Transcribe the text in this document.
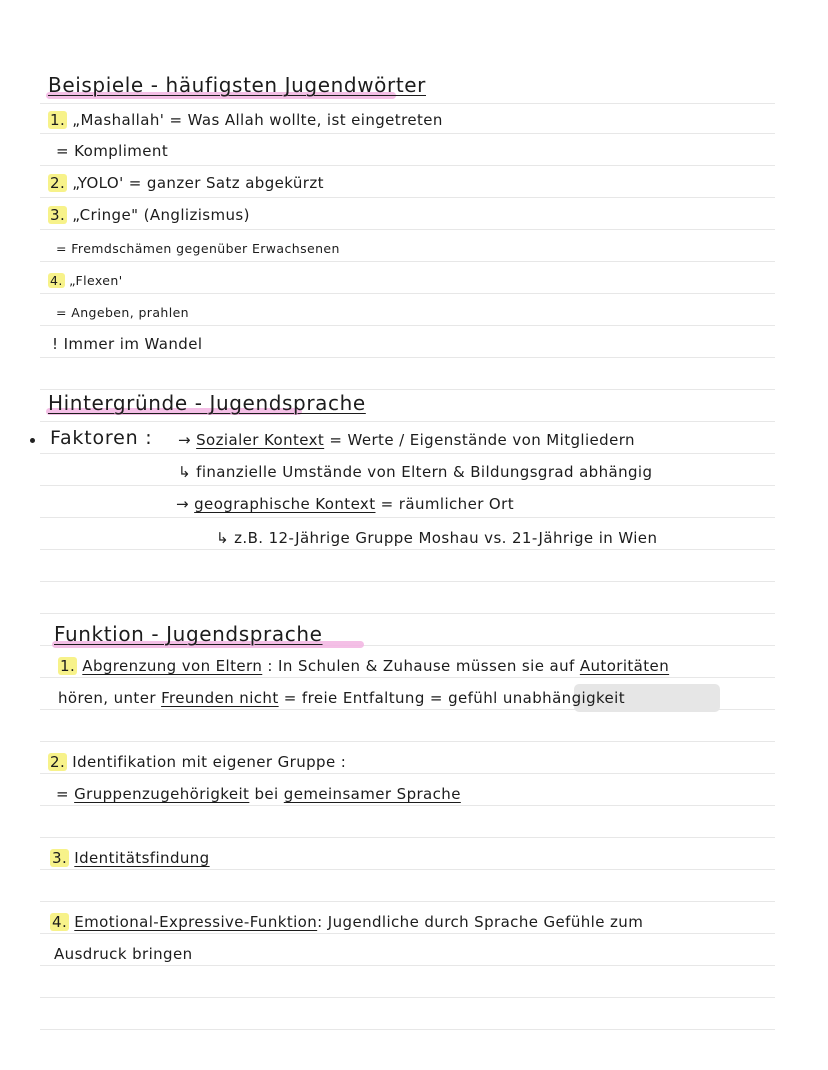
Beispiele - häufigsten Jugendwörter
1. „Mashallah' = Was Allah wollte, ist eingetreten
= Kompliment
2. „YOLO' = ganzer Satz abgekürzt
3. „Cringe" (Anglizismus)
= Fremdschämen gegenüber Erwachsenen
4. „Flexen'
= Angeben, prahlen
! Immer im Wandel
Hintergründe - Jugendsprache
Faktoren : → Sozialer Kontext = Werte / Eigenstände von Mitgliedern
↳ finanzielle Umstände von Eltern & Bildungsgrad abhängig
→ geographische Kontext = räumlicher Ort
↳ z.B. 12-Jährige Gruppe Moshau vs. 21-Jährige in Wien
Funktion - Jugendsprache
1. Abgrenzung von Eltern : In Schulen & Zuhause müssen sie auf Autoritäten
hören, unter Freunden nicht = freie Entfaltung = gefühl unabhängigkeit
2. Identifikation mit eigener Gruppe :
= Gruppenzugehörigkeit bei gemeinsamer Sprache
3. Identitätsfindung
4. Emotional-Expressive-Funktion: Jugendliche durch Sprache Gefühle zum
Ausdruck bringen
